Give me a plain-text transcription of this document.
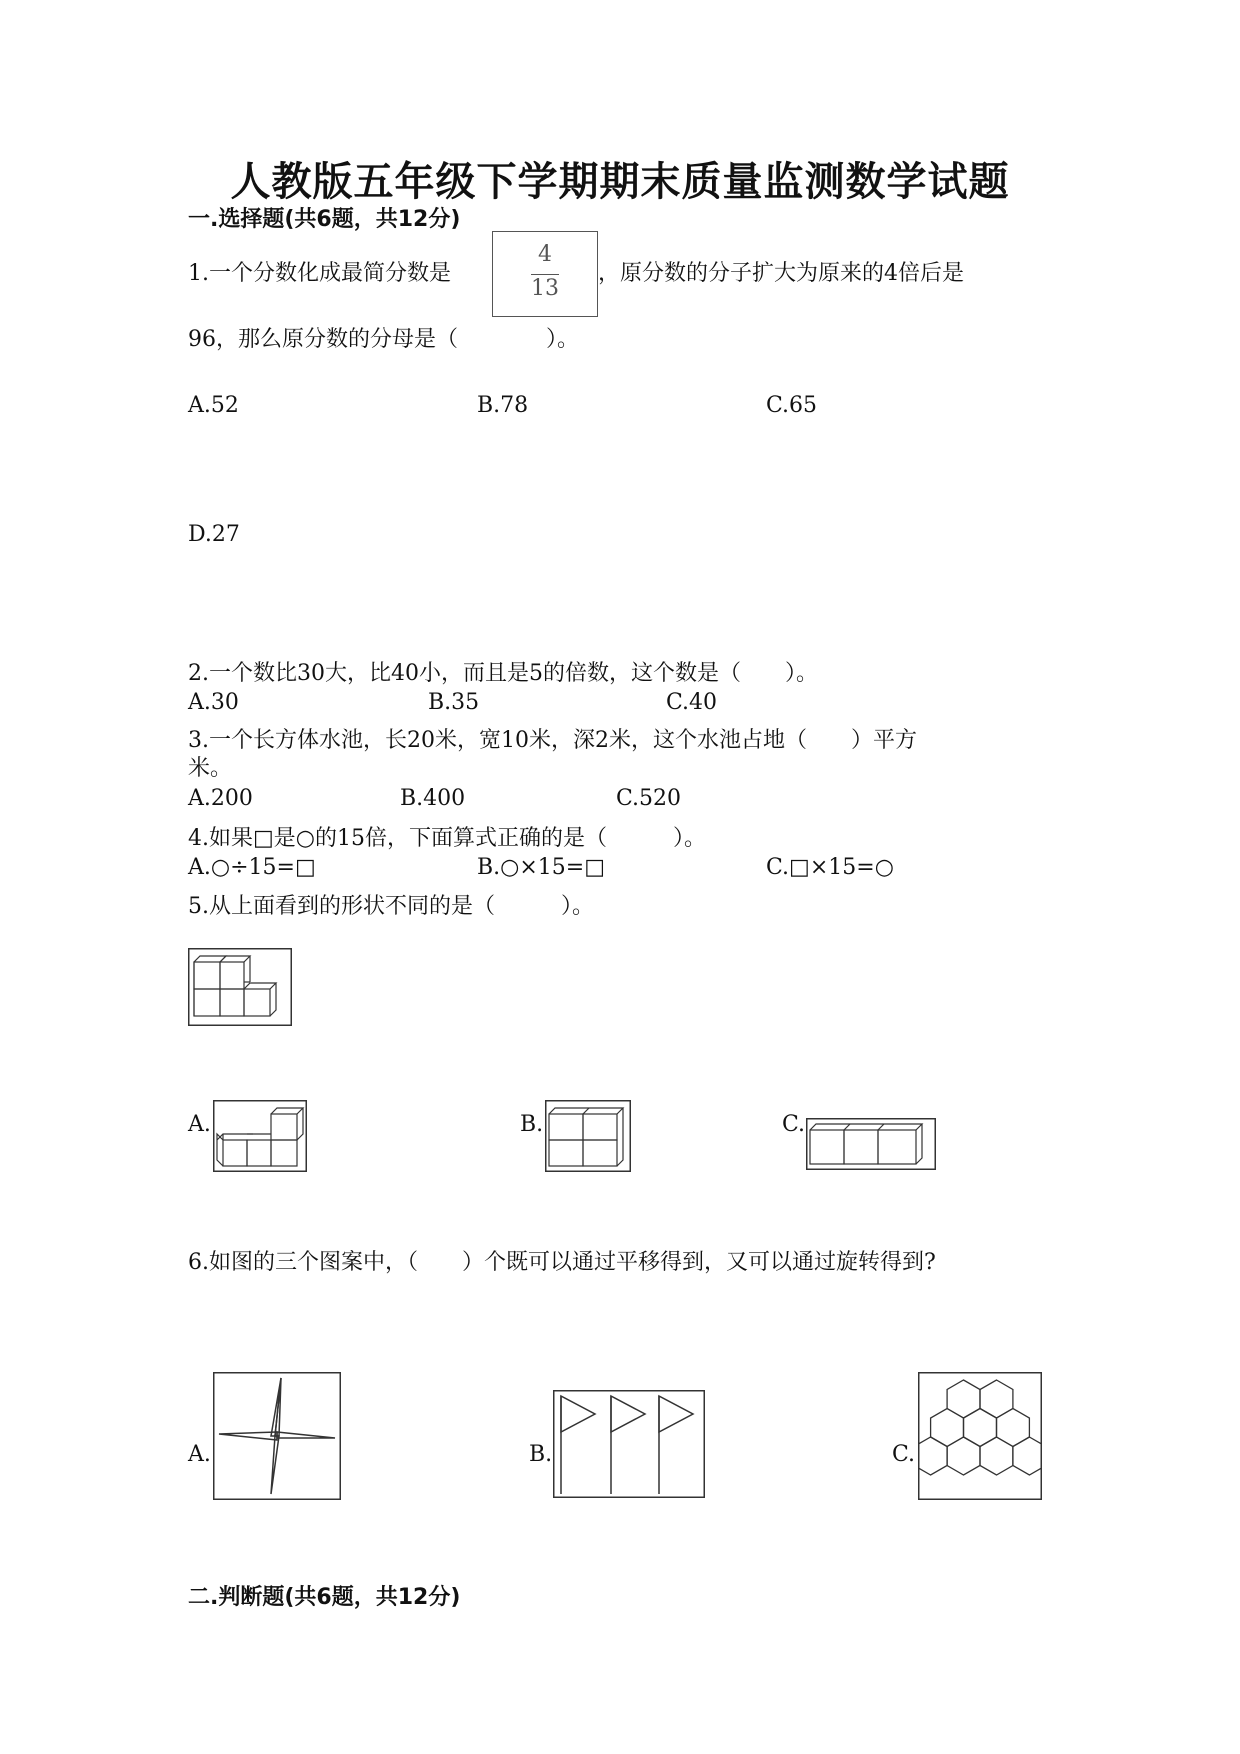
人教版五年级下学期期末质量监测数学试题
一.选择题(共6题，共12分)
1.一个分数化成最简分数是
4
13
，原分数的分子扩大为原来的4倍后是
96，那么原分数的分母是（　　　　）。
A.52	B.78	C.65
D.27
2.一个数比30大，比40小，而且是5的倍数，这个数是（　　）。
A.30	B.35	C.40
3.一个长方体水池，长20米，宽10米，深2米，这个水池占地（　　）平方
米。
A.200	B.400	C.520
4.如果□是○的15倍，下面算式正确的是（　　　）。
A.○÷15=□	B.○×15=□	C.□×15=○
5.从上面看到的形状不同的是（　　　）。
A.	B.	C.
6.如图的三个图案中，（　　）个既可以通过平移得到，又可以通过旋转得到?
A.	B.	C.
二.判断题(共6题，共12分)
